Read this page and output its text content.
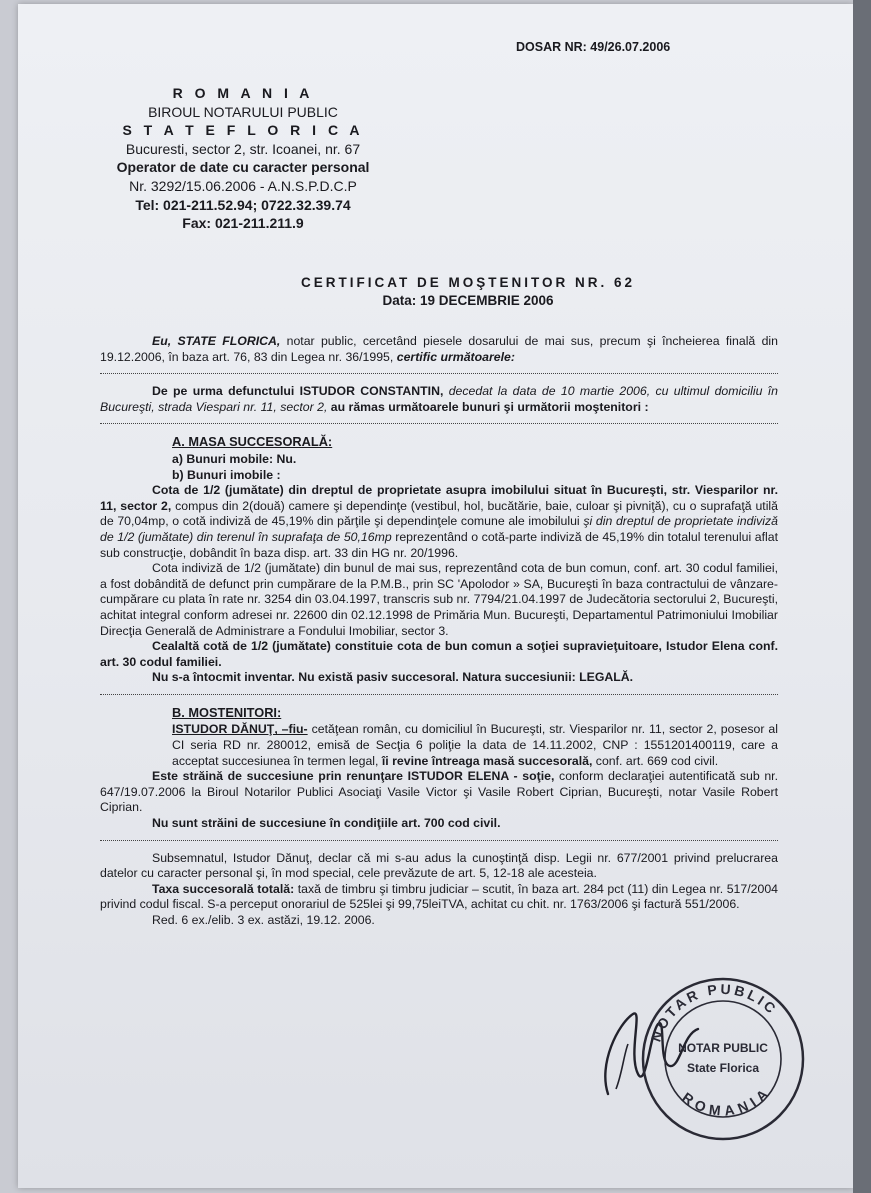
DOSAR NR: 49/26.07.2006
R O M A N I A
BIROUL NOTARULUI PUBLIC
S T A T E F L O R I C A
Bucuresti, sector 2, str. Icoanei, nr. 67
Operator de date cu caracter personal
Nr. 3292/15.06.2006 - A.N.S.P.D.C.P
Tel: 021-211.52.94; 0722.32.39.74
Fax: 021-211.211.9
CERTIFICAT DE MOŞTENITOR NR. 62
Data: 19 DECEMBRIE 2006

Eu, STATE FLORICA, notar public, cercetând piesele dosarului de mai sus, precum şi încheierea finală din 19.12.2006, în baza art. 76, 83 din Legea nr. 36/1995, certific următoarele:

De pe urma defunctului ISTUDOR CONSTANTIN, decedat la data de 10 martie 2006, cu ultimul domiciliu în Bucureşti, strada Viespari nr. 11, sector 2, au rămas următoarele bunuri şi următorii moştenitori :

A. MASA SUCCESORALĂ:
a) Bunuri mobile: Nu.
b) Bunuri imobile :

Cota de 1/2 (jumătate) din dreptul de proprietate asupra imobilului situat în Bucureşti, str. Viesparilor nr. 11, sector 2, compus din 2(două) camere şi dependinţe (vestibul, hol, bucătărie, baie, culoar şi pivniţă), cu o suprafaţă utilă de 70,04mp, o cotă indiviză de 45,19% din părţile şi dependinţele comune ale imobilului şi din dreptul de proprietate indiviză de 1/2 (jumătate) din terenul în suprafaţa de 50,16mp reprezentând o cotă-parte indiviză de 45,19% din totalul terenului aflat sub construcţie, dobândit în baza disp. art. 33 din HG nr. 20/1996.

Cota indiviză de 1/2 (jumătate) din bunul de mai sus, reprezentând cota de bun comun, conf. art. 30 codul familiei, a fost dobândită de defunct prin cumpărare de la P.M.B., prin SC 'Apolodor » SA, Bucureşti în baza contractului de vânzare-cumpărare cu plata în rate nr. 3254 din 03.04.1997, transcris sub nr. 7794/21.04.1997 de Judecătoria sectorului 2, Bucureşti, achitat integral conform adresei nr. 22600 din 02.12.1998 de Primăria Mun. Bucureşti, Departamentul Patrimoniului Imobiliar Direcţia Generală de Administrare a Fondului Imobiliar, sector 3.

Cealaltă cotă de 1/2 (jumătate) constituie cota de bun comun a soţiei supravieţuitoare, Istudor Elena conf. art. 30 codul familiei.

Nu s-a întocmit inventar. Nu există pasiv succesoral. Natura succesiunii: LEGALĂ.

B. MOSTENITORI:

ISTUDOR DĂNUŢ, –fiu- cetăţean român, cu domiciliul în Bucureşti, str. Viesparilor nr. 11, sector 2, posesor al CI seria RD nr. 280012, emisă de Secţia 6 poliţie la data de 14.11.2002, CNP : 1551201400119, care a acceptat succesiunea în termen legal, îi revine întreaga masă succesorală, conf. art. 669 cod civil.

Este străină de succesiune prin renunţare ISTUDOR ELENA - soţie, conform declaraţiei autentificată sub nr. 647/19.07.2006 la Biroul Notarilor Publici Asociaţi Vasile Victor şi Vasile Robert Ciprian, Bucureşti, notar Vasile Robert Ciprian.

Nu sunt străini de succesiune în condiţiile art. 700 cod civil.

Subsemnatul, Istudor Dănuţ, declar că mi s-au adus la cunoştinţă disp. Legii nr. 677/2001 privind prelucrarea datelor cu caracter personal şi, în mod special, cele prevăzute de art. 5, 12-18 ale acesteia.

Taxa succesorală totală: taxă de timbru şi timbru judiciar – scutit, în baza art. 284 pct (11) din Legea nr. 517/2004 privind codul fiscal. S-a perceput onorariul de 525lei şi 99,75leiTVA, achitat cu chit. nr. 1763/2006 şi factură 551/2006.

Red. 6 ex./elib. 3 ex. astăzi, 19.12. 2006.

NOTAR PUBLIC
ROMANIA
NOTAR PUBLIC
State Florica
